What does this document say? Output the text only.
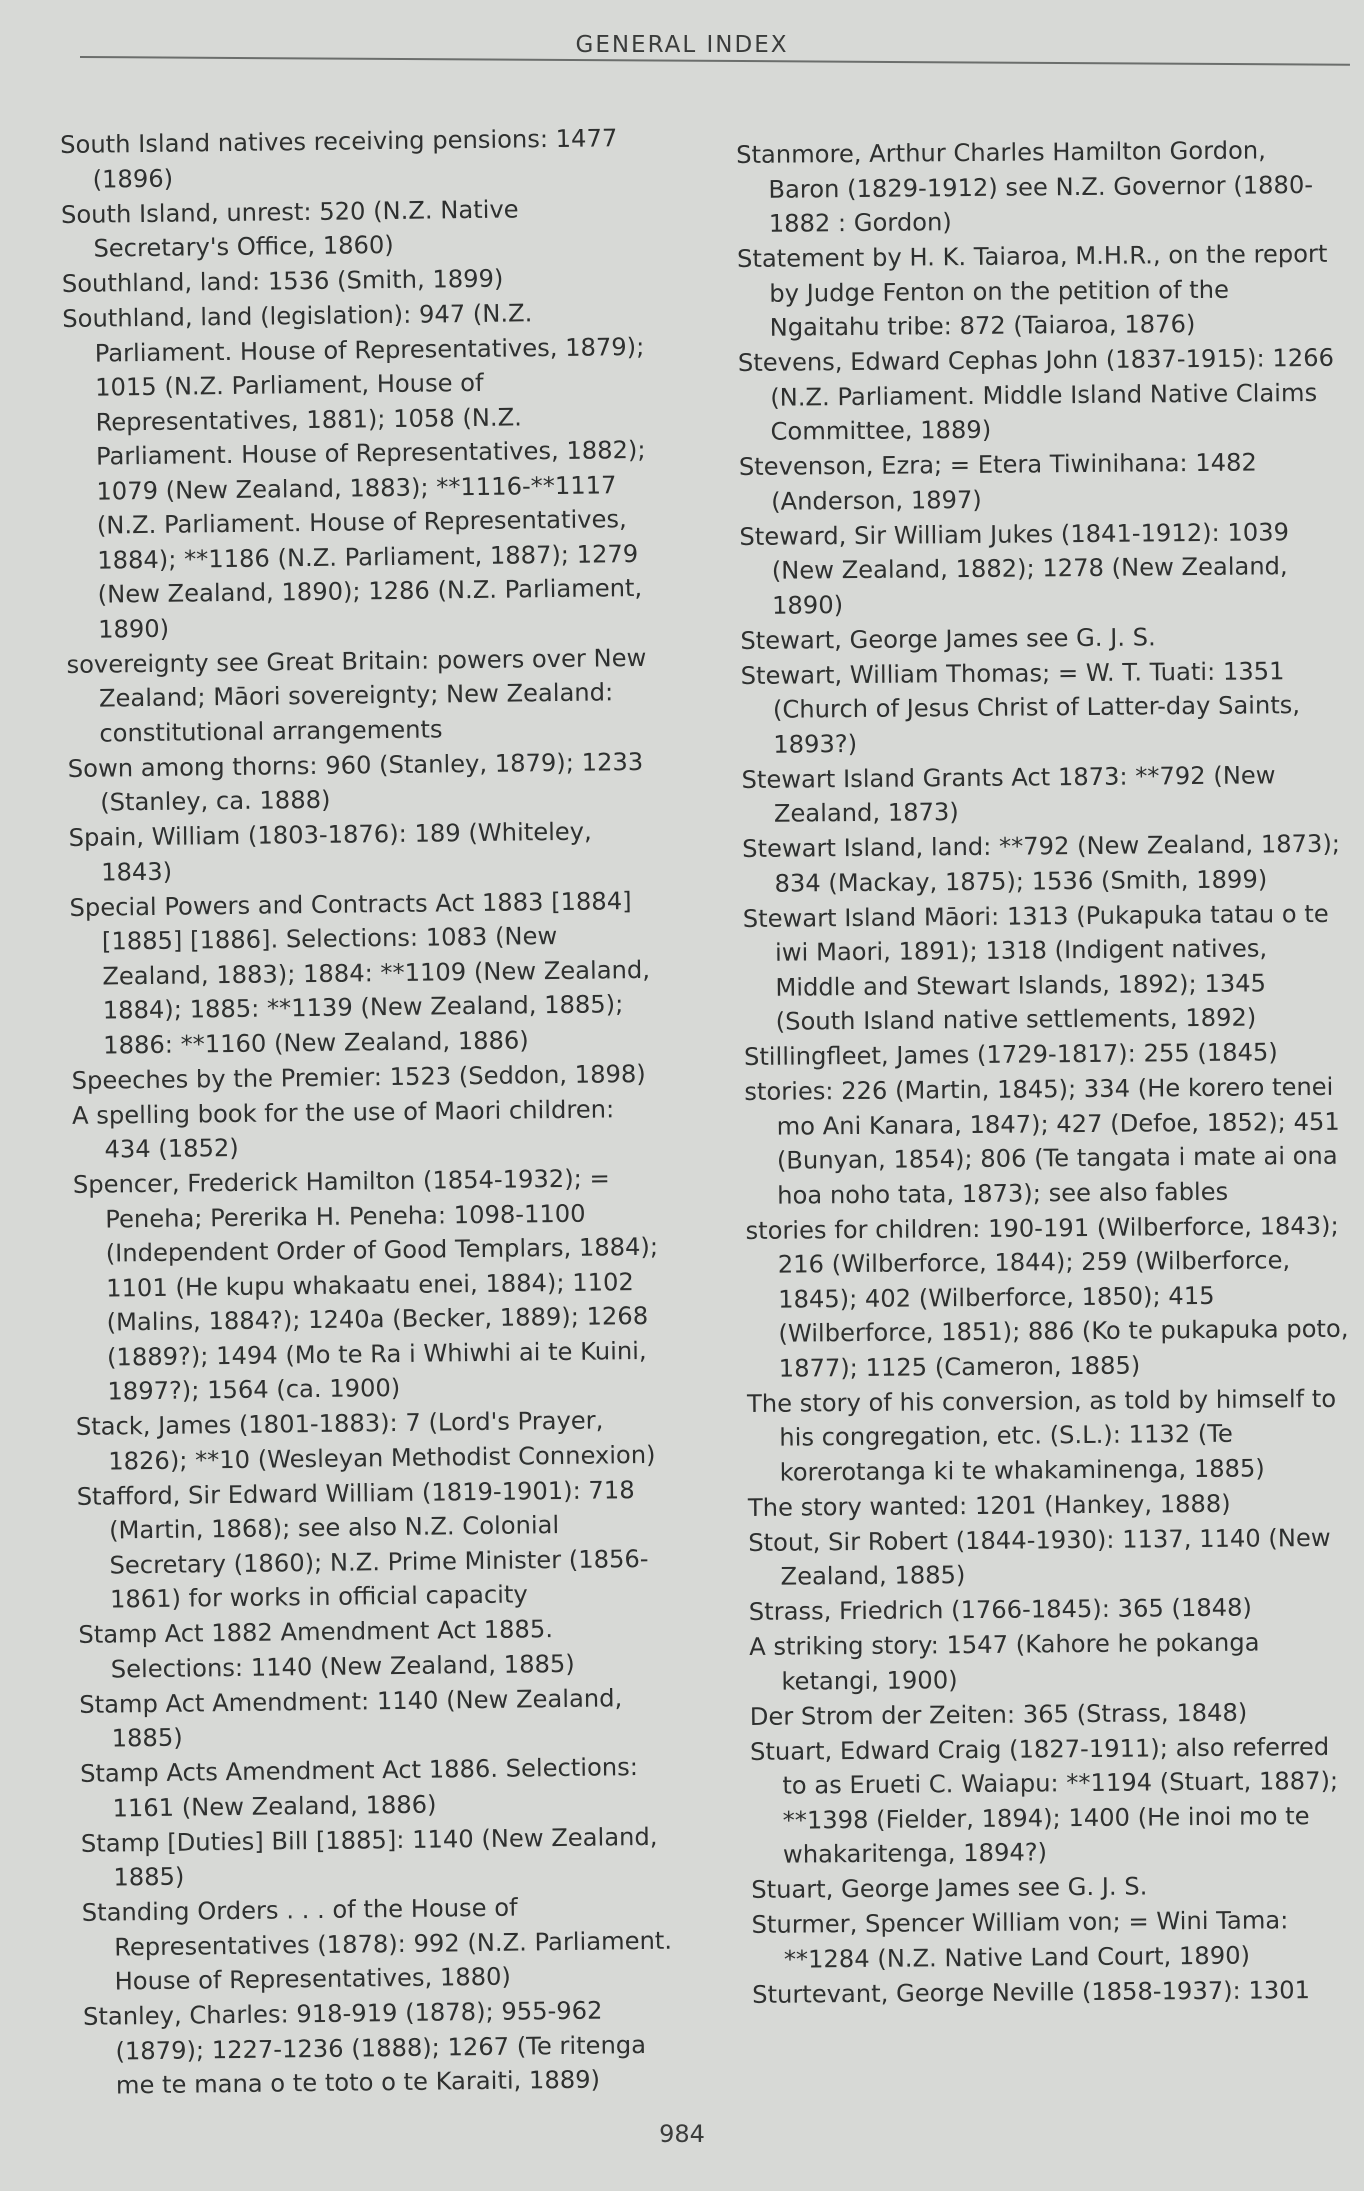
GENERAL INDEX

South Island natives receiving pensions: 1477 (1896)

South Island, unrest: 520 (N.Z. Native Secretary's Office, 1860)

Southland, land: 1536 (Smith, 1899)

Southland, land (legislation): 947 (N.Z. Parliament. House of Representatives, 1879); 1015 (N.Z. Parliament, House of Representatives, 1881); 1058 (N.Z. Parliament. House of Representatives, 1882); 1079 (New Zealand, 1883); **1116-**1117 (N.Z. Parliament. House of Representatives, 1884); **1186 (N.Z. Parliament, 1887); 1279 (New Zealand, 1890); 1286 (N.Z. Parliament, 1890)

sovereignty see Great Britain: powers over New Zealand; Māori sovereignty; New Zealand: constitutional arrangements

Sown among thorns: 960 (Stanley, 1879); 1233 (Stanley, ca. 1888)

Spain, William (1803-1876): 189 (Whiteley, 1843)

Special Powers and Contracts Act 1883 [1884] [1885] [1886]. Selections: 1083 (New Zealand, 1883); 1884: **1109 (New Zealand, 1884); 1885: **1139 (New Zealand, 1885); 1886: **1160 (New Zealand, 1886)

Speeches by the Premier: 1523 (Seddon, 1898)

A spelling book for the use of Maori children: 434 (1852)

Spencer, Frederick Hamilton (1854-1932); = Peneha; Pererika H. Peneha: 1098-1100 (Independent Order of Good Templars, 1884); 1101 (He kupu whakaatu enei, 1884); 1102 (Malins, 1884?); 1240a (Becker, 1889); 1268 (1889?); 1494 (Mo te Ra i Whiwhi ai te Kuini, 1897?); 1564 (ca. 1900)

Stack, James (1801-1883): 7 (Lord's Prayer, 1826); **10 (Wesleyan Methodist Connexion)

Stafford, Sir Edward William (1819-1901): 718 (Martin, 1868); see also N.Z. Colonial Secretary (1860); N.Z. Prime Minister (1856-1861) for works in official capacity

Stamp Act 1882 Amendment Act 1885. Selections: 1140 (New Zealand, 1885)

Stamp Act Amendment: 1140 (New Zealand, 1885)

Stamp Acts Amendment Act 1886. Selections: 1161 (New Zealand, 1886)

Stamp [Duties] Bill [1885]: 1140 (New Zealand, 1885)

Standing Orders . . . of the House of Representatives (1878): 992 (N.Z. Parliament. House of Representatives, 1880)

Stanley, Charles: 918-919 (1878); 955-962 (1879); 1227-1236 (1888); 1267 (Te ritenga me te mana o te toto o te Karaiti, 1889)

Stanmore, Arthur Charles Hamilton Gordon, Baron (1829-1912) see N.Z. Governor (1880-1882 : Gordon)

Statement by H. K. Taiaroa, M.H.R., on the report by Judge Fenton on the petition of the Ngaitahu tribe: 872 (Taiaroa, 1876)

Stevens, Edward Cephas John (1837-1915): 1266 (N.Z. Parliament. Middle Island Native Claims Committee, 1889)

Stevenson, Ezra; = Etera Tiwinihana: 1482 (Anderson, 1897)

Steward, Sir William Jukes (1841-1912): 1039 (New Zealand, 1882); 1278 (New Zealand, 1890)

Stewart, George James see G. J. S.

Stewart, William Thomas; = W. T. Tuati: 1351 (Church of Jesus Christ of Latter-day Saints, 1893?)

Stewart Island Grants Act 1873: **792 (New Zealand, 1873)

Stewart Island, land: **792 (New Zealand, 1873); 834 (Mackay, 1875); 1536 (Smith, 1899)

Stewart Island Māori: 1313 (Pukapuka tatau o te iwi Maori, 1891); 1318 (Indigent natives, Middle and Stewart Islands, 1892); 1345 (South Island native settlements, 1892)

Stillingfleet, James (1729-1817): 255 (1845)

stories: 226 (Martin, 1845); 334 (He korero tenei mo Ani Kanara, 1847); 427 (Defoe, 1852); 451 (Bunyan, 1854); 806 (Te tangata i mate ai ona hoa noho tata, 1873); see also fables

stories for children: 190-191 (Wilberforce, 1843); 216 (Wilberforce, 1844); 259 (Wilberforce, 1845); 402 (Wilberforce, 1850); 415 (Wilberforce, 1851); 886 (Ko te pukapuka poto, 1877); 1125 (Cameron, 1885)

The story of his conversion, as told by himself to his congregation, etc. (S.L.): 1132 (Te korerotanga ki te whakaminenga, 1885)

The story wanted: 1201 (Hankey, 1888)

Stout, Sir Robert (1844-1930): 1137, 1140 (New Zealand, 1885)

Strass, Friedrich (1766-1845): 365 (1848)

A striking story: 1547 (Kahore he pokanga ketangi, 1900)

Der Strom der Zeiten: 365 (Strass, 1848)

Stuart, Edward Craig (1827-1911); also referred to as Erueti C. Waiapu: **1194 (Stuart, 1887); **1398 (Fielder, 1894); 1400 (He inoi mo te whakaritenga, 1894?)

Stuart, George James see G. J. S.

Sturmer, Spencer William von; = Wini Tama: **1284 (N.Z. Native Land Court, 1890)

Sturtevant, George Neville (1858-1937): 1301

984
